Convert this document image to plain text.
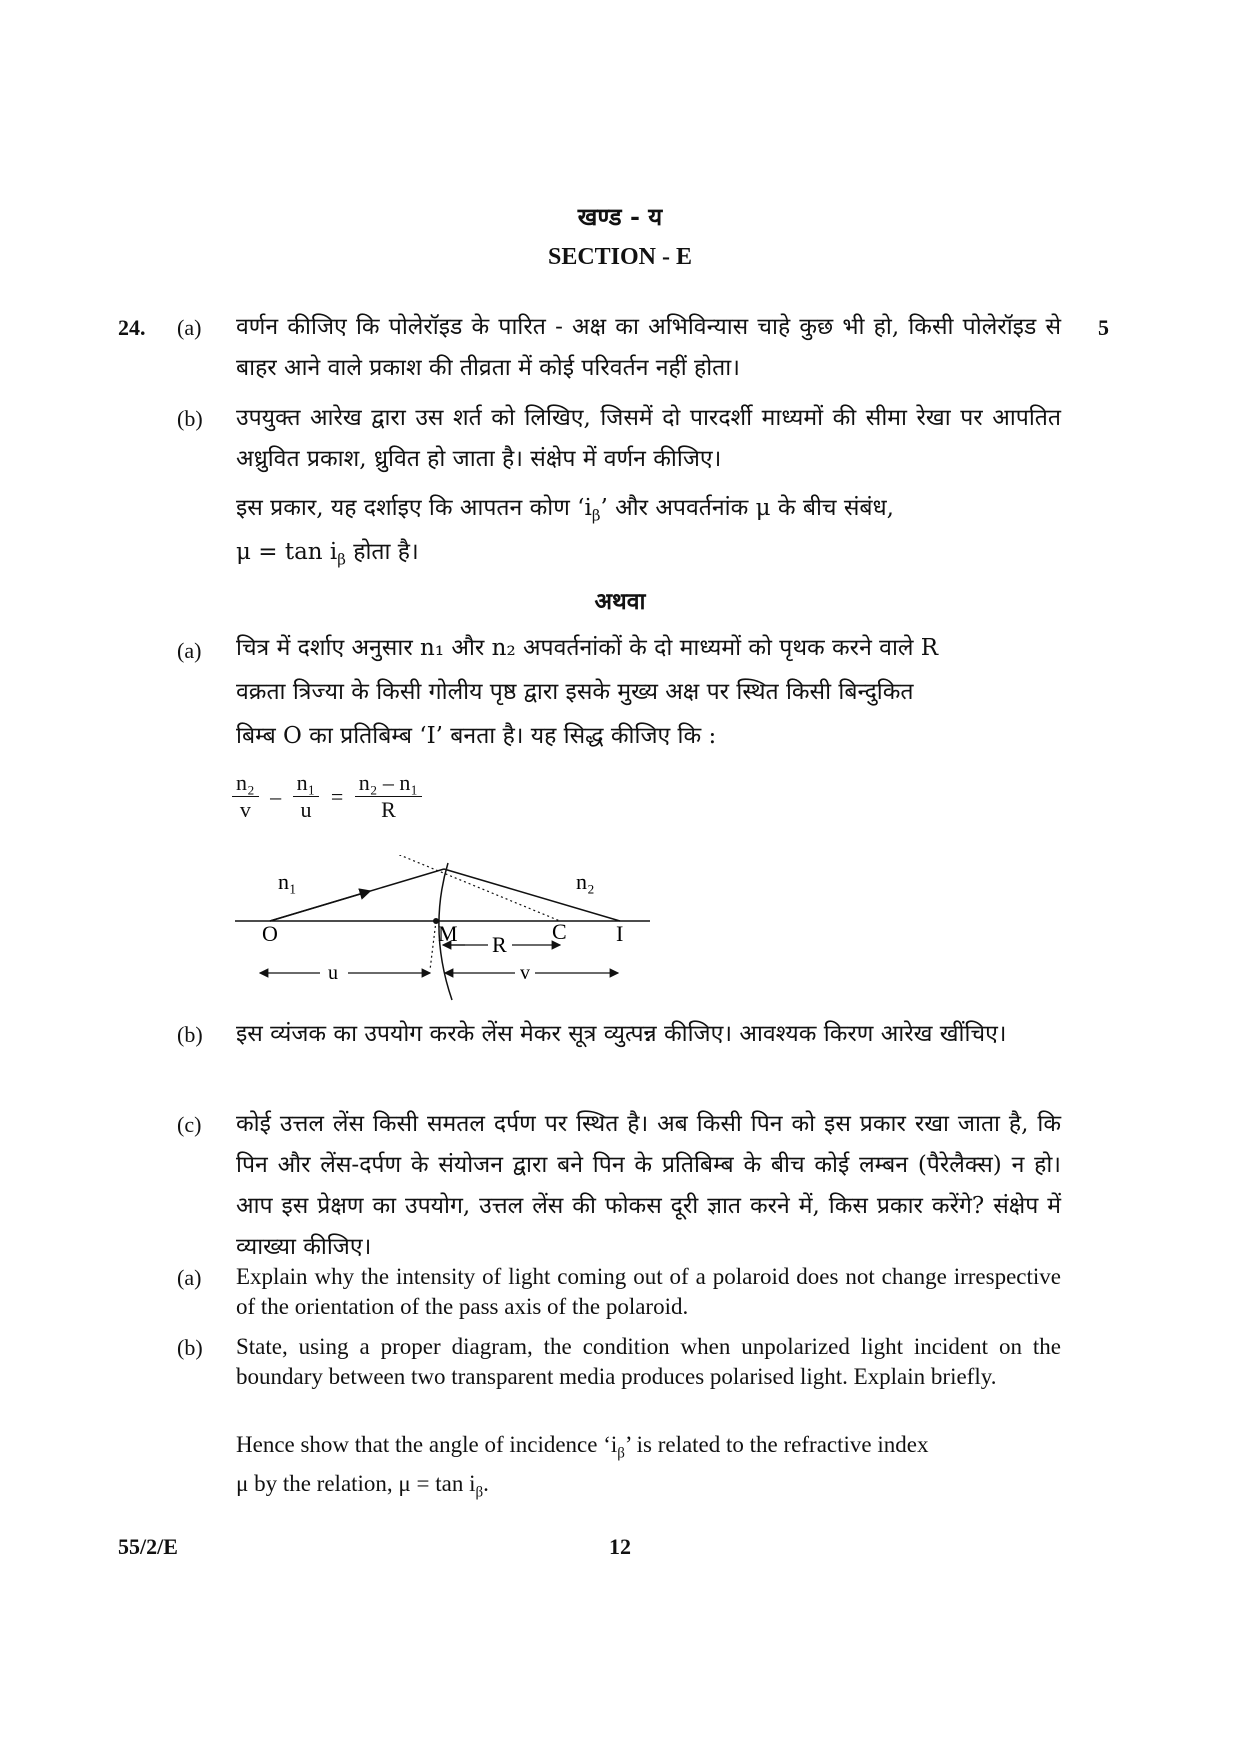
खण्ड - य
SECTION - E
24. (a)	5
वर्णन कीजिए कि पोलेरॉइड के पारित - अक्ष का अभिविन्यास चाहे कुछ भी हो, किसी पोलेरॉइड से बाहर आने वाले प्रकाश की तीव्रता में कोई परिवर्तन नहीं होता।
(b) उपयुक्त आरेख द्वारा उस शर्त को लिखिए, जिसमें दो पारदर्शी माध्यमों की सीमा रेखा पर आपतित अध्रुवित प्रकाश, ध्रुवित हो जाता है। संक्षेप में वर्णन कीजिए।
इस प्रकार, यह दर्शाइए कि आपतन कोण ‘$i_\beta$’ और अपवर्तनांक μ के बीच संबंध,
$\mu = \tan i_\beta$ होता है।
अथवा
(a) चित्र में दर्शाए अनुसार n₁ और n₂ अपवर्तनांकों के दो माध्यमों को पृथक करने वाले R
वक्रता त्रिज्या के किसी गोलीय पृष्ठ द्वारा इसके मुख्य अक्ष पर स्थित किसी बिन्दुकित
बिम्ब O का प्रतिबिम्ब ‘I’ बनता है। यह सिद्ध कीजिए कि :
$\frac{\text{n₂}}{v} - \frac{\text{n₁}}{u} = \frac{\text{n₂ – n₁}}{R}$
n₁	n₂
O	M	C I
R
u	v
(b) इस व्यंजक का उपयोग करके लेंस मेकर सूत्र व्युत्पन्न कीजिए। आवश्यक किरण आरेख खींचिए।
(c) कोई उत्तल लेंस किसी समतल दर्पण पर स्थित है। अब किसी पिन को इस प्रकार रखा जाता है, कि पिन और लेंस-दर्पण के संयोजन द्वारा बने पिन के प्रतिबिम्ब के बीच कोई लम्बन (पैरेलैक्स) न हो। आप इस प्रेक्षण का उपयोग, उत्तल लेंस की फोकस दूरी ज्ञात करने में, किस प्रकार करेंगे? संक्षेप में व्याख्या कीजिए।
(a) Explain why the intensity of light coming out of a polaroid does not change irrespective of the orientation of the pass axis of the polaroid.
(b) State, using a proper diagram, the condition when unpolarized light incident on the boundary between two transparent media produces polarised light. Explain briefly.
Hence show that the angle of incidence ‘$i_\beta$’ is related to the refractive index
μ by the relation, $\mu = \tan i_\beta$.
55/2/E	12
